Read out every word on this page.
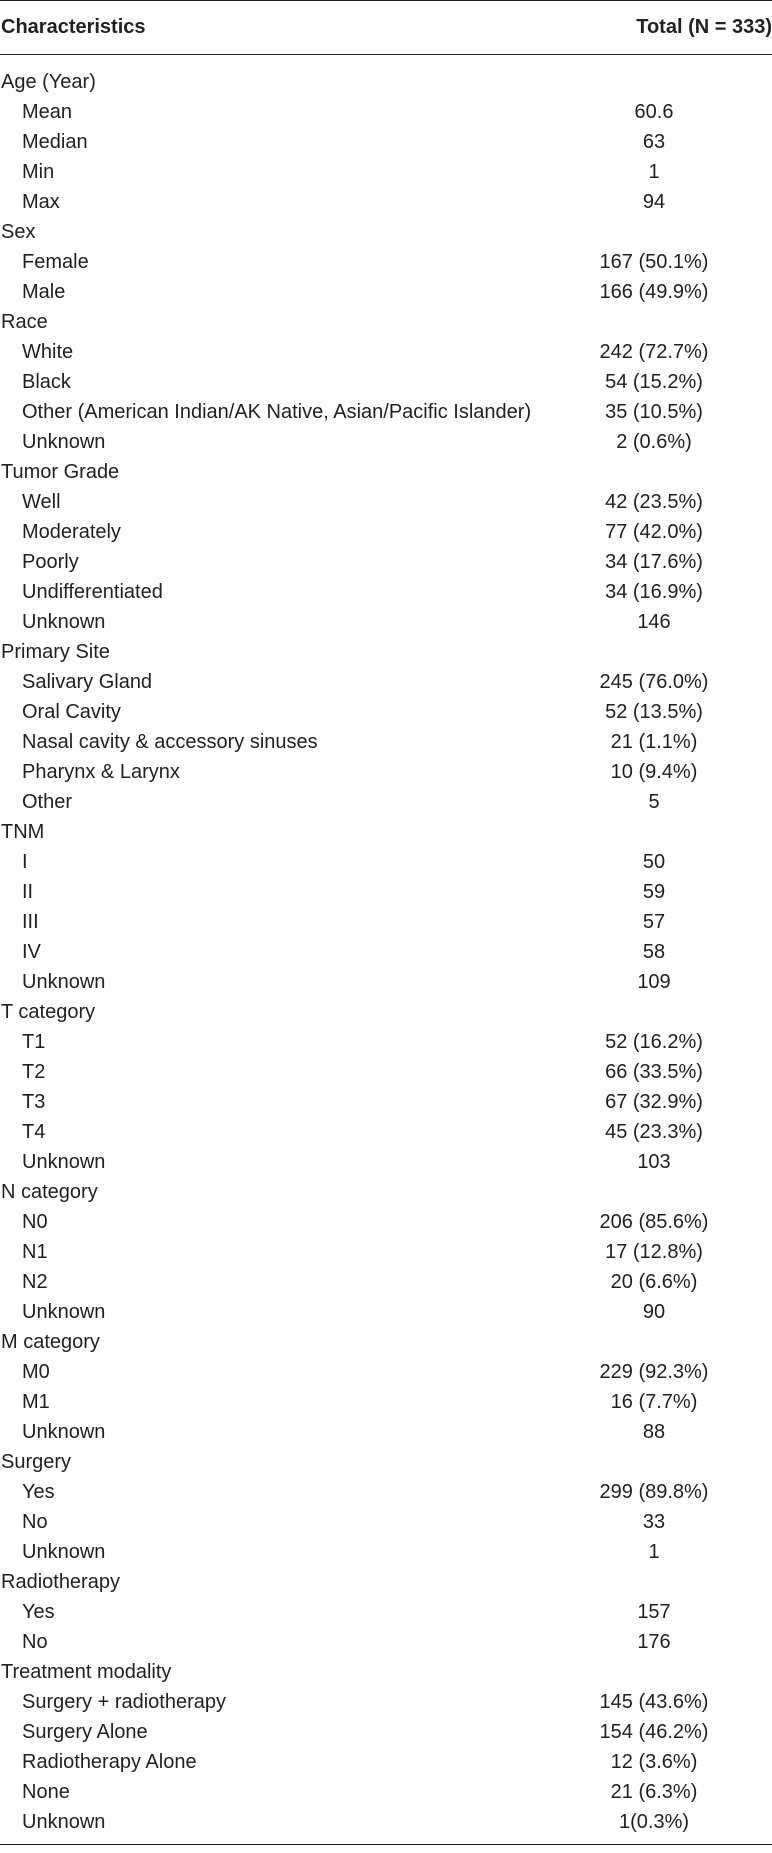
Characteristics	Total (N = 333)
Age (Year)
Mean	60.6
Median	63
Min	1
Max	94
Sex
Female	167 (50.1%)
Male	166 (49.9%)
Race
White	242 (72.7%)
Black	54 (15.2%)
Other (American Indian/AK Native, Asian/Pacific Islander)	35 (10.5%)
Unknown	2 (0.6%)
Tumor Grade
Well	42 (23.5%)
Moderately	77 (42.0%)
Poorly	34 (17.6%)
Undifferentiated	34 (16.9%)
Unknown	146
Primary Site
Salivary Gland	245 (76.0%)
Oral Cavity	52 (13.5%)
Nasal cavity & accessory sinuses	21 (1.1%)
Pharynx & Larynx	10 (9.4%)
Other	5
TNM
I	50
II	59
III	57
IV	58
Unknown	109
T category
T1	52 (16.2%)
T2	66 (33.5%)
T3	67 (32.9%)
T4	45 (23.3%)
Unknown	103
N category
N0	206 (85.6%)
N1	17 (12.8%)
N2	20 (6.6%)
Unknown	90
M category
M0	229 (92.3%)
M1	16 (7.7%)
Unknown	88
Surgery
Yes	299 (89.8%)
No	33
Unknown	1
Radiotherapy
Yes	157
No	176
Treatment modality
Surgery + radiotherapy	145 (43.6%)
Surgery Alone	154 (46.2%)
Radiotherapy Alone	12 (3.6%)
None	21 (6.3%)
Unknown	1(0.3%)
